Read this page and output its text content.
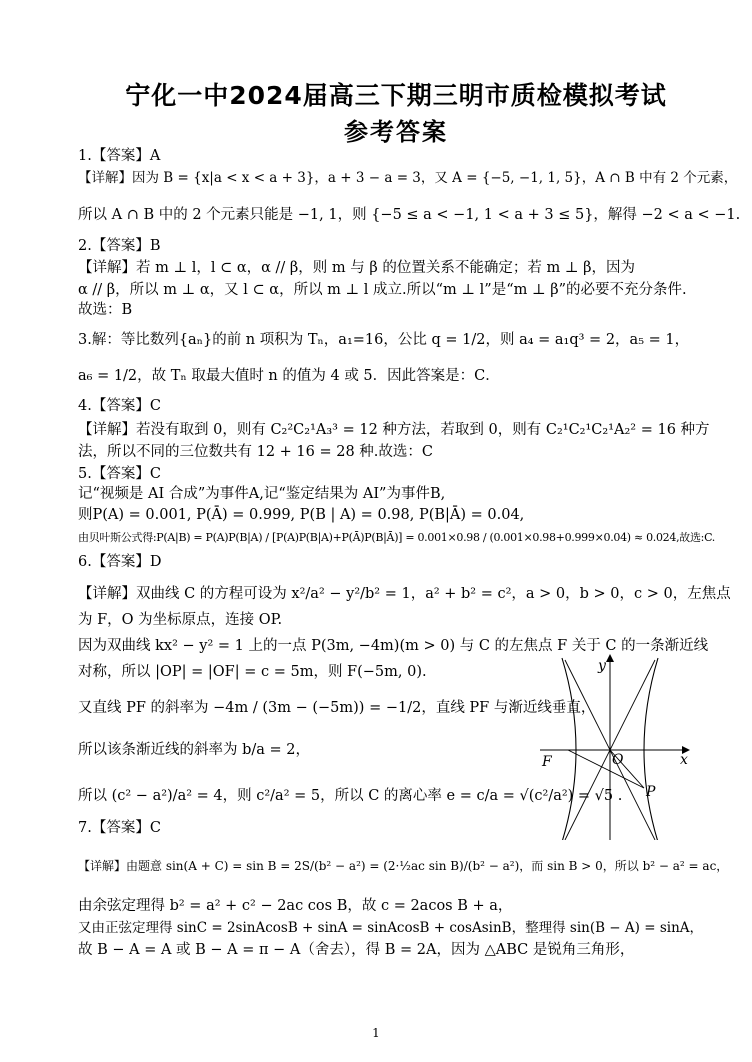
宁化一中2024届高三下期三明市质检模拟考试
参考答案
1.【答案】A
【详解】因为 B = {x|a < x < a + 3}，a + 3 − a = 3，又 A = {−5, −1, 1, 5}，A ∩ B 中有 2 个元素，
所以 A ∩ B 中的 2 个元素只能是 −1, 1，则 {−5 ≤ a < −1, 1 < a + 3 ≤ 5}，解得 −2 < a < −1.
2.【答案】B
【详解】若 m ⊥ l，l ⊂ α，α // β，则 m 与 β 的位置关系不能确定；若 m ⊥ β，因为
α // β，所以 m ⊥ α，又 l ⊂ α，所以 m ⊥ l 成立.所以“m ⊥ l”是“m ⊥ β”的必要不充分条件.
故选：B
3.解：等比数列{aₙ}的前 n 项积为 Tₙ，a₁=16，公比 q = 1/2，则 a₄ = a₁q³ = 2，a₅ = 1，
a₆ = 1/2，故 Tₙ 取最大值时 n 的值为 4 或 5．因此答案是：C．
4.【答案】C
【详解】若没有取到 0，则有 C₂²C₂¹A₃³ = 12 种方法，若取到 0，则有 C₂¹C₂¹C₂¹A₂² = 16 种方
法，所以不同的三位数共有 12 + 16 = 28 种.故选：C
5.【答案】C
记“视频是 AI 合成”为事件A,记“鉴定结果为 AI”为事件B,
则P(A) = 0.001, P(Ā) = 0.999, P(B | A) = 0.98, P(B|Ā) = 0.04,
由贝叶斯公式得:P(A|B) = P(A)P(B|A) / [P(A)P(B|A)+P(Ā)P(B|Ā)] = 0.001×0.98 / (0.001×0.98+0.999×0.04) ≈ 0.024,故选:C.
6.【答案】D
【详解】双曲线 C 的方程可设为 x²/a² − y²/b² = 1，a² + b² = c²，a > 0，b > 0，c > 0，左焦点
为 F，O 为坐标原点，连接 OP.
因为双曲线 kx² − y² = 1 上的一点 P(3m, −4m)(m > 0) 与 C 的左焦点 F 关于 C 的一条渐近线
对称，所以 |OP| = |OF| = c = 5m，则 F(−5m, 0).
又直线 PF 的斜率为 −4m / (3m − (−5m)) = −1/2，直线 PF 与渐近线垂直，
所以该条渐近线的斜率为 b/a = 2，
所以 (c² − a²)/a² = 4，则 c²/a² = 5，所以 C 的离心率 e = c/a = √(c²/a²) = √5 .
7.【答案】C
【详解】由题意 sin(A + C) = sin B = 2S/(b² − a²) = (2·½ac sin B)/(b² − a²)，而 sin B > 0，所以 b² − a² = ac，
由余弦定理得 b² = a² + c² − 2ac cos B，故 c = 2acos B + a，
又由正弦定理得 sinC = 2sinAcosB + sinA = sinAcosB + cosAsinB，整理得 sin(B − A) = sinA，
故 B − A = A 或 B − A = π − A（舍去），得 B = 2A，因为 △ABC 是锐角三角形，
x
y
O
F
P
1
